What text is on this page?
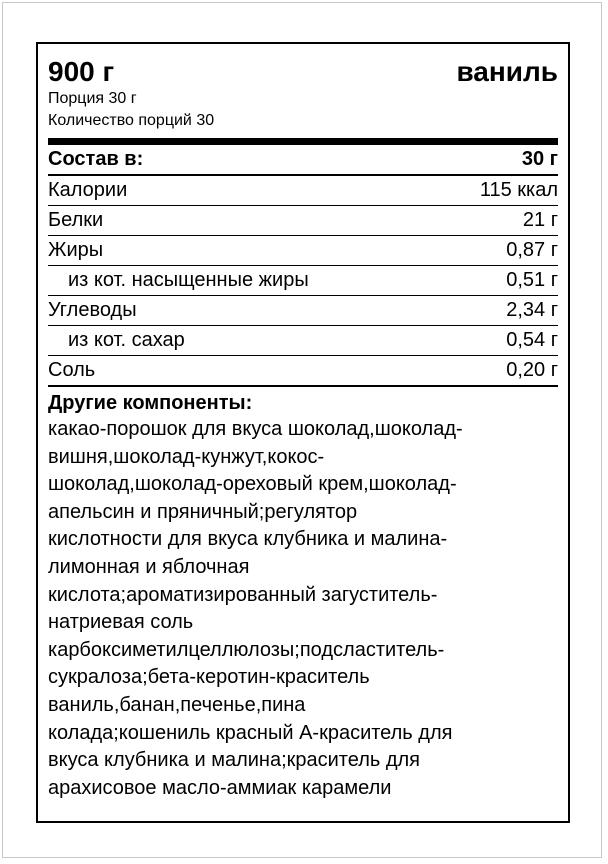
900 г	ваниль
Порция 30 г
Количество порций 30
Состав в:	30 г
Калории	115 ккал
Белки	21 г
Жиры	0,87 г
из кот. насыщенные жиры	0,51 г
Углеводы	2,34 г
из кот. сахар	0,54 г
Соль	0,20 г
Другие компоненты:
какао-порошок для вкуса шоколад,шоколад-
вишня,шоколад-кунжут,кокос-
шоколад,шоколад-ореховый крем,шоколад-
апельсин и пряничный;регулятор
кислотности для вкуса клубника и малина-
лимонная и яблочная
кислота;ароматизированный загуститель-
натриевая соль
карбоксиметилцеллюлозы;подсластитель-
сукралоза;бета-керотин-краситель
ваниль,банан,печенье,пина
колада;кошениль красный А-краситель для
вкуса клубника и малина;краситель для
арахисовое масло-аммиак карамели
